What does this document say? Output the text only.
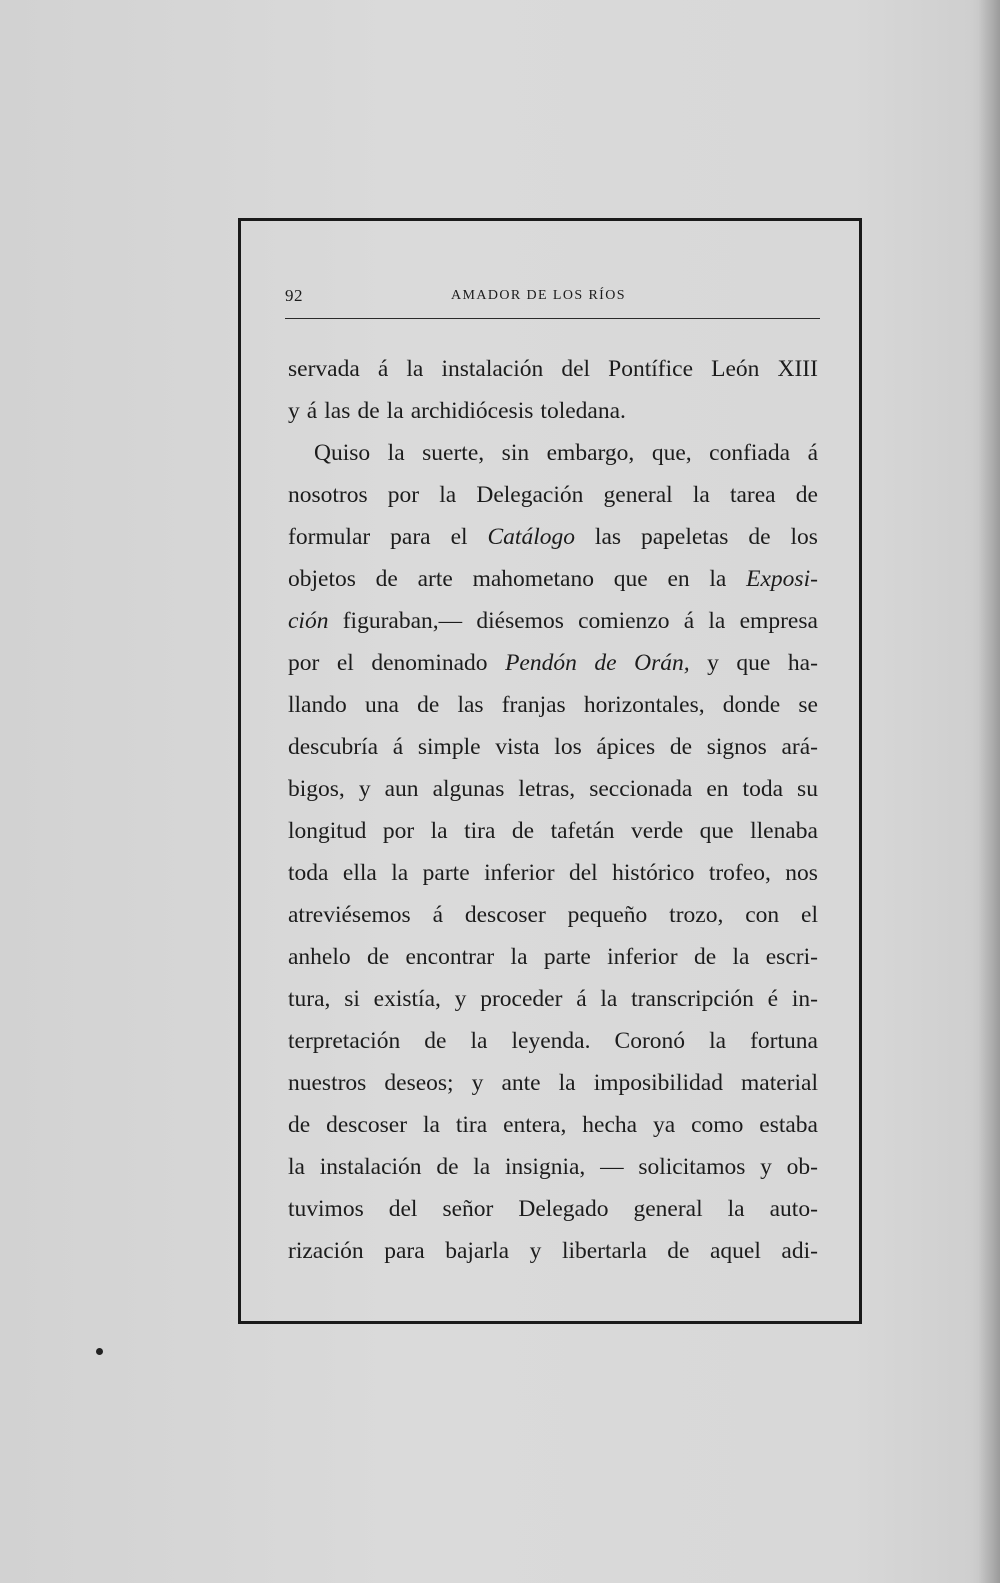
92	AMADOR DE LOS RÍOS
servada á la instalación del Pontífice León XIII
y á las de la archidiócesis toledana.
Quiso la suerte, sin embargo, que, confiada á
nosotros por la Delegación general la tarea de
formular para el Catálogo las papeletas de los
objetos de arte mahometano que en la Exposi-
ción figuraban,— diésemos comienzo á la empresa
por el denominado Pendón de Orán, y que ha-
llando una de las franjas horizontales, donde se
descubría á simple vista los ápices de signos ará-
bigos, y aun algunas letras, seccionada en toda su
longitud por la tira de tafetán verde que llenaba
toda ella la parte inferior del histórico trofeo, nos
atreviésemos á descoser pequeño trozo, con el
anhelo de encontrar la parte inferior de la escri-
tura, si existía, y proceder á la transcripción é in-
terpretación de la leyenda. Coronó la fortuna
nuestros deseos; y ante la imposibilidad material
de descoser la tira entera, hecha ya como estaba
la instalación de la insignia, — solicitamos y ob-
tuvimos del señor Delegado general la auto-
rización para bajarla y libertarla de aquel adi-
